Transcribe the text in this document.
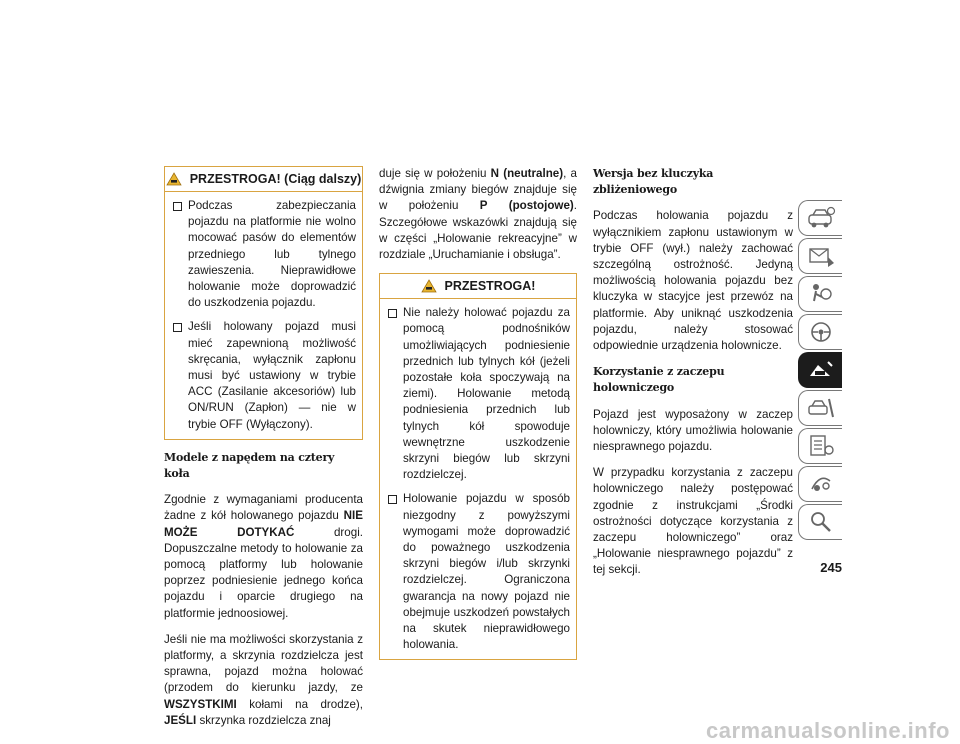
PRZESTROGA! (Ciąg dalszy)
Podczas zabezpieczania pojazdu na platformie nie wolno mocować pasów do elementów przedniego lub tylnego zawieszenia. Nieprawidłowe holowanie może doprowadzić do uszkodzenia pojazdu.
Jeśli holowany pojazd musi mieć zapewnioną możliwość skręcania, wyłącznik zapłonu musi być ustawiony w trybie ACC (Zasilanie akcesoriów) lub ON/RUN (Zapłon) — nie w trybie OFF (Wyłączony).
Modele z napędem na cztery koła

Zgodnie z wymaganiami producenta żadne z kół holowanego pojazdu NIE MOŻE DOTYKAĆ drogi. Dopuszczalne metody to holowanie za pomocą platformy lub holowanie poprzez podniesienie jednego końca pojazdu i oparcie drugiego na platformie jednoosiowej.

Jeśli nie ma możliwości skorzystania z platformy, a skrzynia rozdzielcza jest sprawna, pojazd można holować (przodem do kierunku jazdy, ze WSZYSTKIMI kołami na drodze), JEŚLI skrzynka rozdzielcza znaj

duje się w położeniu N (neutralne), a dźwignia zmiany biegów znajduje się w położeniu P (postojowe). Szczegółowe wskazówki znajdują się w części „Holowanie rekreacyjne” w rozdziale „Uruchamianie i obsługa”.

PRZESTROGA!
Nie należy holować pojazdu za pomocą podnośników umożliwiających podniesienie przednich lub tylnych kół (jeżeli pozostałe koła spoczywają na ziemi). Holowanie metodą podniesienia przednich lub tylnych kół spowoduje wewnętrzne uszkodzenie skrzyni biegów lub skrzyni rozdzielczej.
Holowanie pojazdu w sposób niezgodny z powyższymi wymogami może doprowadzić do poważnego uszkodzenia skrzyni biegów i/lub skrzynki rozdzielczej. Ograniczona gwarancja na nowy pojazd nie obejmuje uszkodzeń powstałych na skutek nieprawidłowego holowania.
Wersja bez kluczyka zbliżeniowego

Podczas holowania pojazdu z wyłącznikiem zapłonu ustawionym w trybie OFF (wył.) należy zachować szczególną ostrożność. Jedyną możliwością holowania pojazdu bez kluczyka w stacyjce jest przewóz na platformie. Aby uniknąć uszkodzenia pojazdu, należy stosować odpowiednie urządzenia holownicze.

Korzystanie z zaczepu holowniczego

Pojazd jest wyposażony w zaczep holowniczy, który umożliwia holowanie niesprawnego pojazdu.

W przypadku korzystania z zaczepu holowniczego należy postępować zgodnie z instrukcjami „Środki ostrożności dotyczące korzystania z zaczepu holowniczego” oraz „Holowanie niesprawnego pojazdu” z tej sekcji.	245
carmanualsonline.info
